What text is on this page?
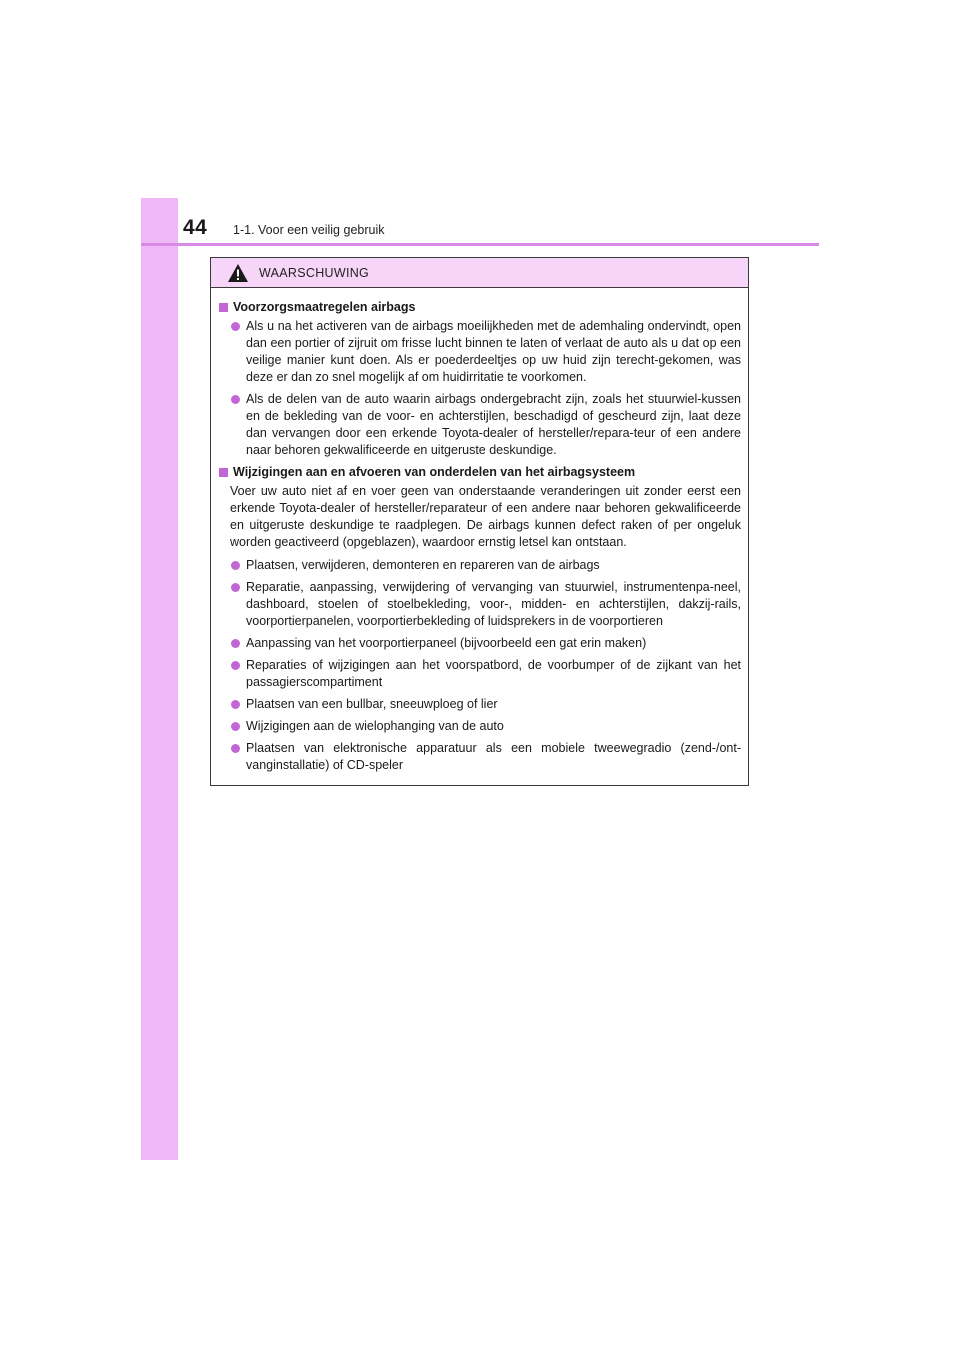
44 1-1. Voor een veilig gebruik
WAARSCHUWING
Voorzorgsmaatregelen airbags
Als u na het activeren van de airbags moeilijkheden met de ademhaling ondervindt, open dan een portier of zijruit om frisse lucht binnen te laten of verlaat de auto als u dat op een veilige manier kunt doen. Als er poederdeeltjes op uw huid zijn terecht-gekomen, was deze er dan zo snel mogelijk af om huidirritatie te voorkomen.
Als de delen van de auto waarin airbags ondergebracht zijn, zoals het stuurwiel-kussen en de bekleding van de voor- en achterstijlen, beschadigd of gescheurd zijn, laat deze dan vervangen door een erkende Toyota-dealer of hersteller/repara-teur of een andere naar behoren gekwalificeerde en uitgeruste deskundige.
Wijzigingen aan en afvoeren van onderdelen van het airbagsysteem
Voer uw auto niet af en voer geen van onderstaande veranderingen uit zonder eerst een erkende Toyota-dealer of hersteller/reparateur of een andere naar behoren gekwalificeerde en uitgeruste deskundige te raadplegen. De airbags kunnen defect raken of per ongeluk worden geactiveerd (opgeblazen), waardoor ernstig letsel kan ontstaan.
Plaatsen, verwijderen, demonteren en repareren van de airbags
Reparatie, aanpassing, verwijdering of vervanging van stuurwiel, instrumentenpa-neel, dashboard, stoelen of stoelbekleding, voor-, midden- en achterstijlen, dakzij-rails, voorportierpanelen, voorportierbekleding of luidsprekers in de voorportieren
Aanpassing van het voorportierpaneel (bijvoorbeeld een gat erin maken)
Reparaties of wijzigingen aan het voorspatbord, de voorbumper of de zijkant van het passagierscompartiment
Plaatsen van een bullbar, sneeuwploeg of lier
Wijzigingen aan de wielophanging van de auto
Plaatsen van elektronische apparatuur als een mobiele tweewegradio (zend-/ont-vanginstallatie) of CD-speler
